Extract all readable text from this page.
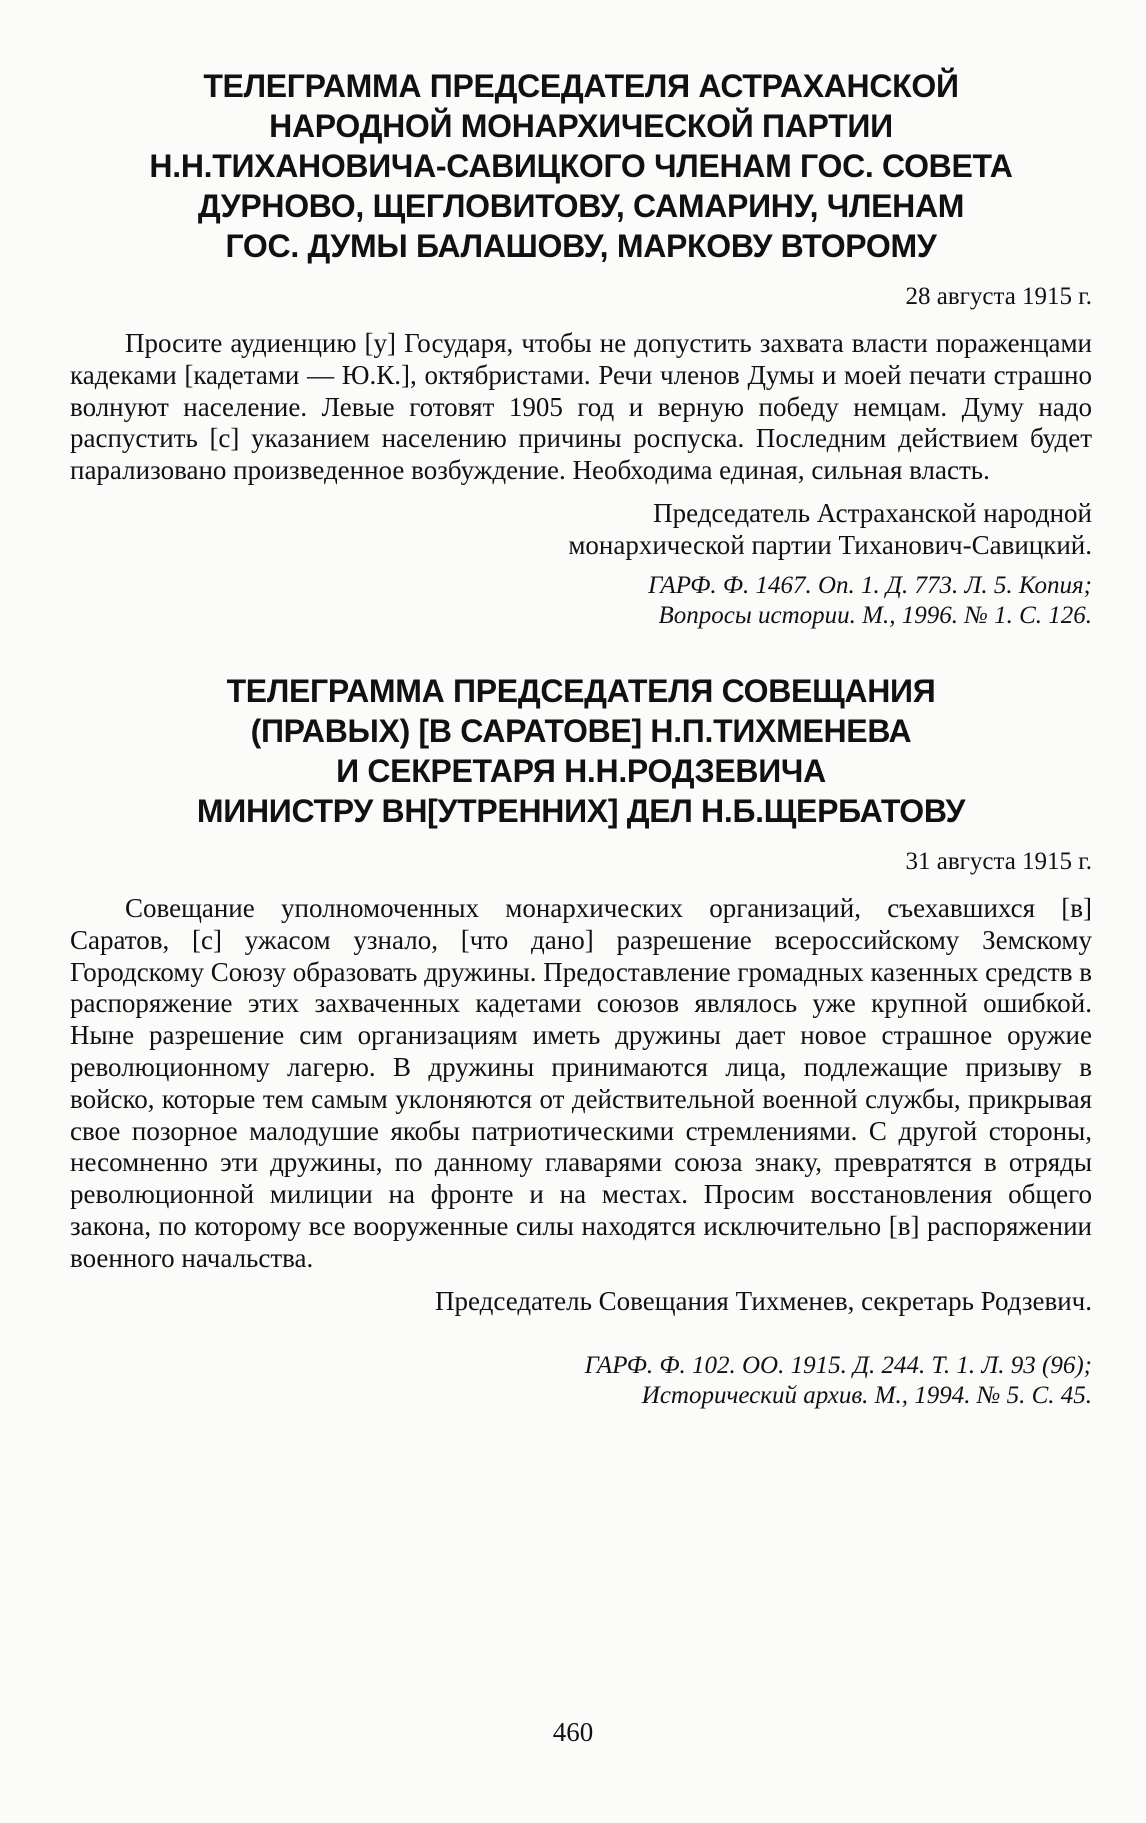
ТЕЛЕГРАММА ПРЕДСЕДАТЕЛЯ АСТРАХАНСКОЙ
НАРОДНОЙ МОНАРХИЧЕСКОЙ ПАРТИИ
Н.Н.ТИХАНОВИЧА-САВИЦКОГО ЧЛЕНАМ ГОС. СОВЕТА
ДУРНОВО, ЩЕГЛОВИТОВУ, САМАРИНУ, ЧЛЕНАМ
ГОС. ДУМЫ БАЛАШОВУ, МАРКОВУ ВТОРОМУ
28 августа 1915 г.

Просите аудиенцию [у] Государя, чтобы не допустить захвата власти пораженцами кадеками [кадетами — Ю.К.], октябристами. Речи членов Думы и моей печати страшно волнуют население. Левые готовят 1905 год и верную победу немцам. Думу надо распустить [с] указанием населению причины роспуска. Последним действием будет парализовано произведенное возбуждение. Необходима единая, сильная власть.

Председатель Астраханской народной
монархической партии Тиханович-Савицкий.
ГАРФ. Ф. 1467. Оп. 1. Д. 773. Л. 5. Копия;
Вопросы истории. М., 1996. № 1. С. 126.
ТЕЛЕГРАММА ПРЕДСЕДАТЕЛЯ СОВЕЩАНИЯ
(ПРАВЫХ) [В САРАТОВЕ] Н.П.ТИХМЕНЕВА
И СЕКРЕТАРЯ Н.Н.РОДЗЕВИЧА
МИНИСТРУ ВН[УТРЕННИХ] ДЕЛ Н.Б.ЩЕРБАТОВУ
31 августа 1915 г.

Совещание уполномоченных монархических организаций, съехавшихся [в] Саратов, [с] ужасом узнало, [что дано] разрешение всероссийскому Земскому Городскому Союзу образовать дружины. Предоставление громадных казенных средств в распоряжение этих захваченных кадетами союзов являлось уже крупной ошибкой. Ныне разрешение сим организациям иметь дружины дает новое страшное оружие революционному лагерю. В дружины принимаются лица, подлежащие призыву в войско, которые тем самым уклоняются от действительной военной службы, прикрывая свое позорное малодушие якобы патриотическими стремлениями. С другой стороны, несомненно эти дружины, по данному главарями союза знаку, превратятся в отряды революционной милиции на фронте и на местах. Просим восстановления общего закона, по которому все вооруженные силы находятся исключительно [в] распоряжении военного начальства.

Председатель Совещания Тихменев, секретарь Родзевич.
ГАРФ. Ф. 102. ОО. 1915. Д. 244. Т. 1. Л. 93 (96);
Исторический архив. М., 1994. № 5. С. 45.
460
